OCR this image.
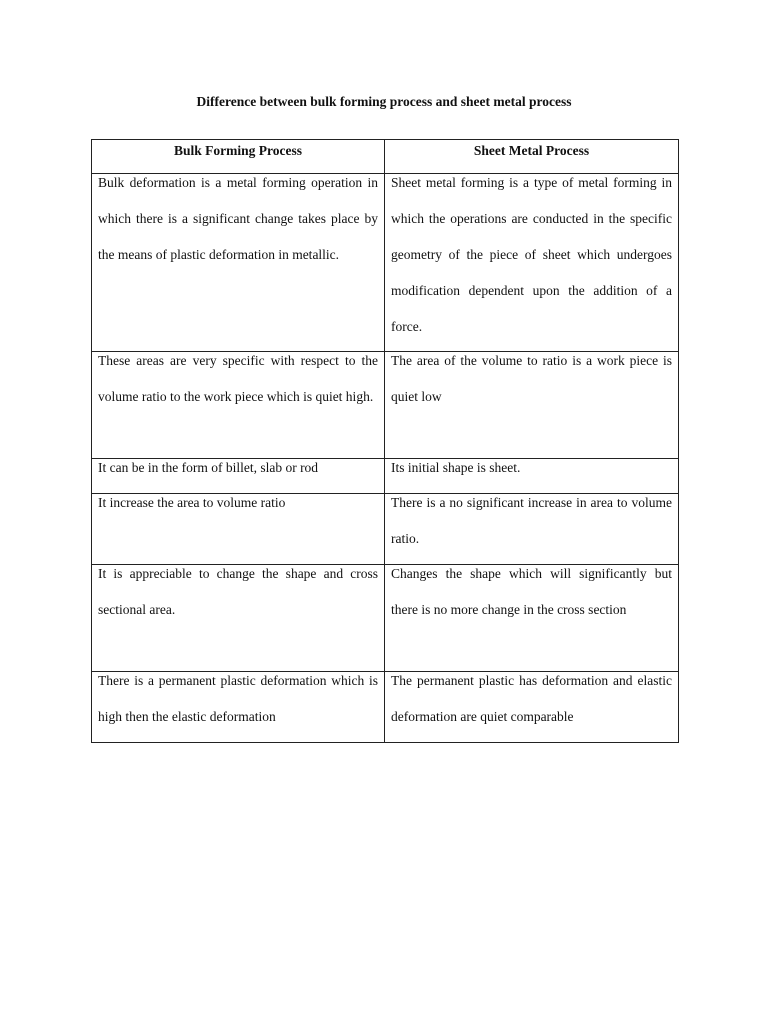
Difference between bulk forming process and sheet metal process
Bulk Forming Process	Sheet Metal Process

Bulk deformation is a metal forming operation in which there is a significant change takes place by the means of plastic deformation in metallic.	Sheet metal forming is a type of metal forming in which the operations are conducted in the specific geometry of the piece of sheet which undergoes modification dependent upon the addition of a force.

These areas are very specific with respect to the volume ratio to the work piece which is quiet high.	The area of the volume to ratio is a work piece is quiet low

It can be in the form of billet, slab or rod	Its initial shape is sheet.

It increase the area to volume ratio	There is a no significant increase in area to volume ratio.

It is appreciable to change the shape and cross sectional area.	Changes the shape which will significantly but there is no more change in the cross section

There is a permanent plastic deformation which is high then the elastic deformation	The permanent plastic has deformation and elastic deformation are quiet comparable
